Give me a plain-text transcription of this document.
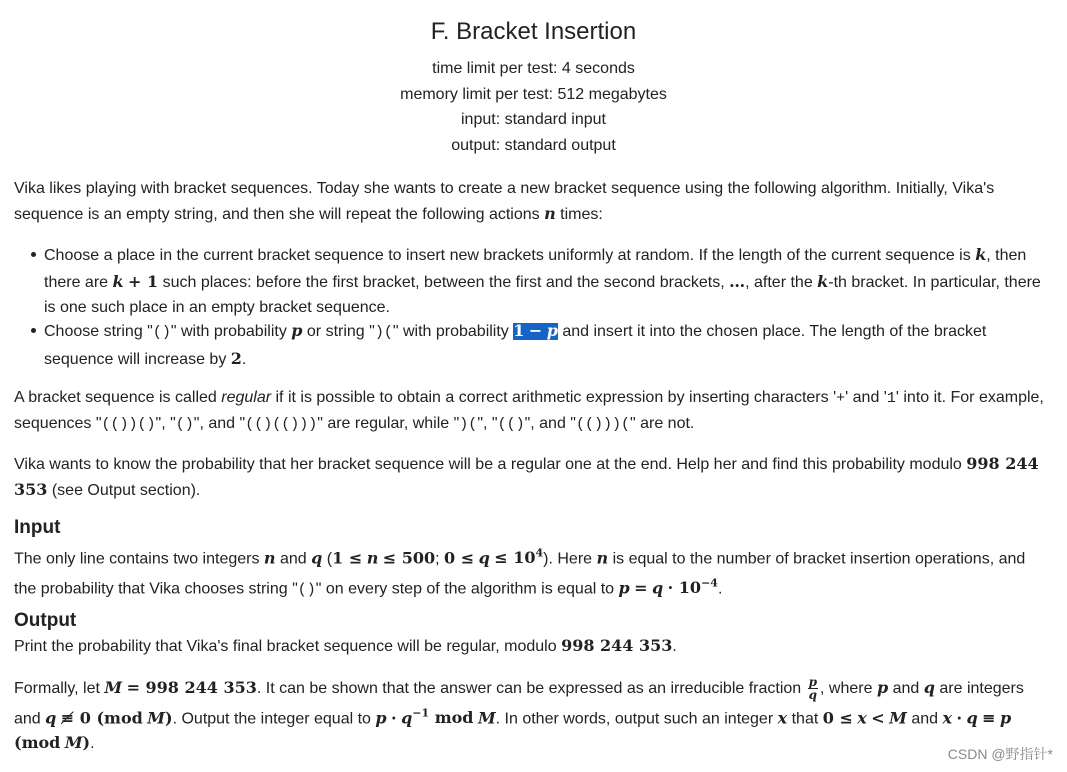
F. Bracket Insertion
time limit per test: 4 seconds
memory limit per test: 512 megabytes
input: standard input
output: standard output
Vika likes playing with bracket sequences. Today she wants to create a new bracket sequence using the following algorithm. Initially, Vika's sequence is an empty string, and then she will repeat the following actions n times:
Choose a place in the current bracket sequence to insert new brackets uniformly at random. If the length of the current sequence is k, then there are k + 1 such places: before the first bracket, between the first and the second brackets, …, after the k-th bracket. In particular, there is one such place in an empty bracket sequence.
Choose string "()" with probability p or string ")(" with probability 1 − p and insert it into the chosen place. The length of the bracket sequence will increase by 2.
A bracket sequence is called regular if it is possible to obtain a correct arithmetic expression by inserting characters '+' and '1' into it. For example, sequences "(())()", "()", and "(()(()))" are regular, while ")(", "(()", and "(()))(" are not.
Vika wants to know the probability that her bracket sequence will be a regular one at the end. Help her and find this probability modulo 998 244 353 (see Output section).
Input
The only line contains two integers n and q (1 ≤ n ≤ 500; $0 \le q \le 10^4$). Here n is equal to the number of bracket insertion operations, and the probability that Vika chooses string "()" on every step of the algorithm is equal to $p = q \cdot 10^{-4}$.
Output
Print the probability that Vika's final bracket sequence will be regular, modulo 998 244 353.
Formally, let M = 998 244 353. It can be shown that the answer can be expressed as an irreducible fraction $\frac{p}{q}$ , where p and q are integers and q ≢ 0 (mod M). Output the integer equal to $p \cdot q^{-1}$ mod M. In other words, output such an integer x that 0 ≤ x < M and x · q ≡ p (mod M).
CSDN @野指针*
